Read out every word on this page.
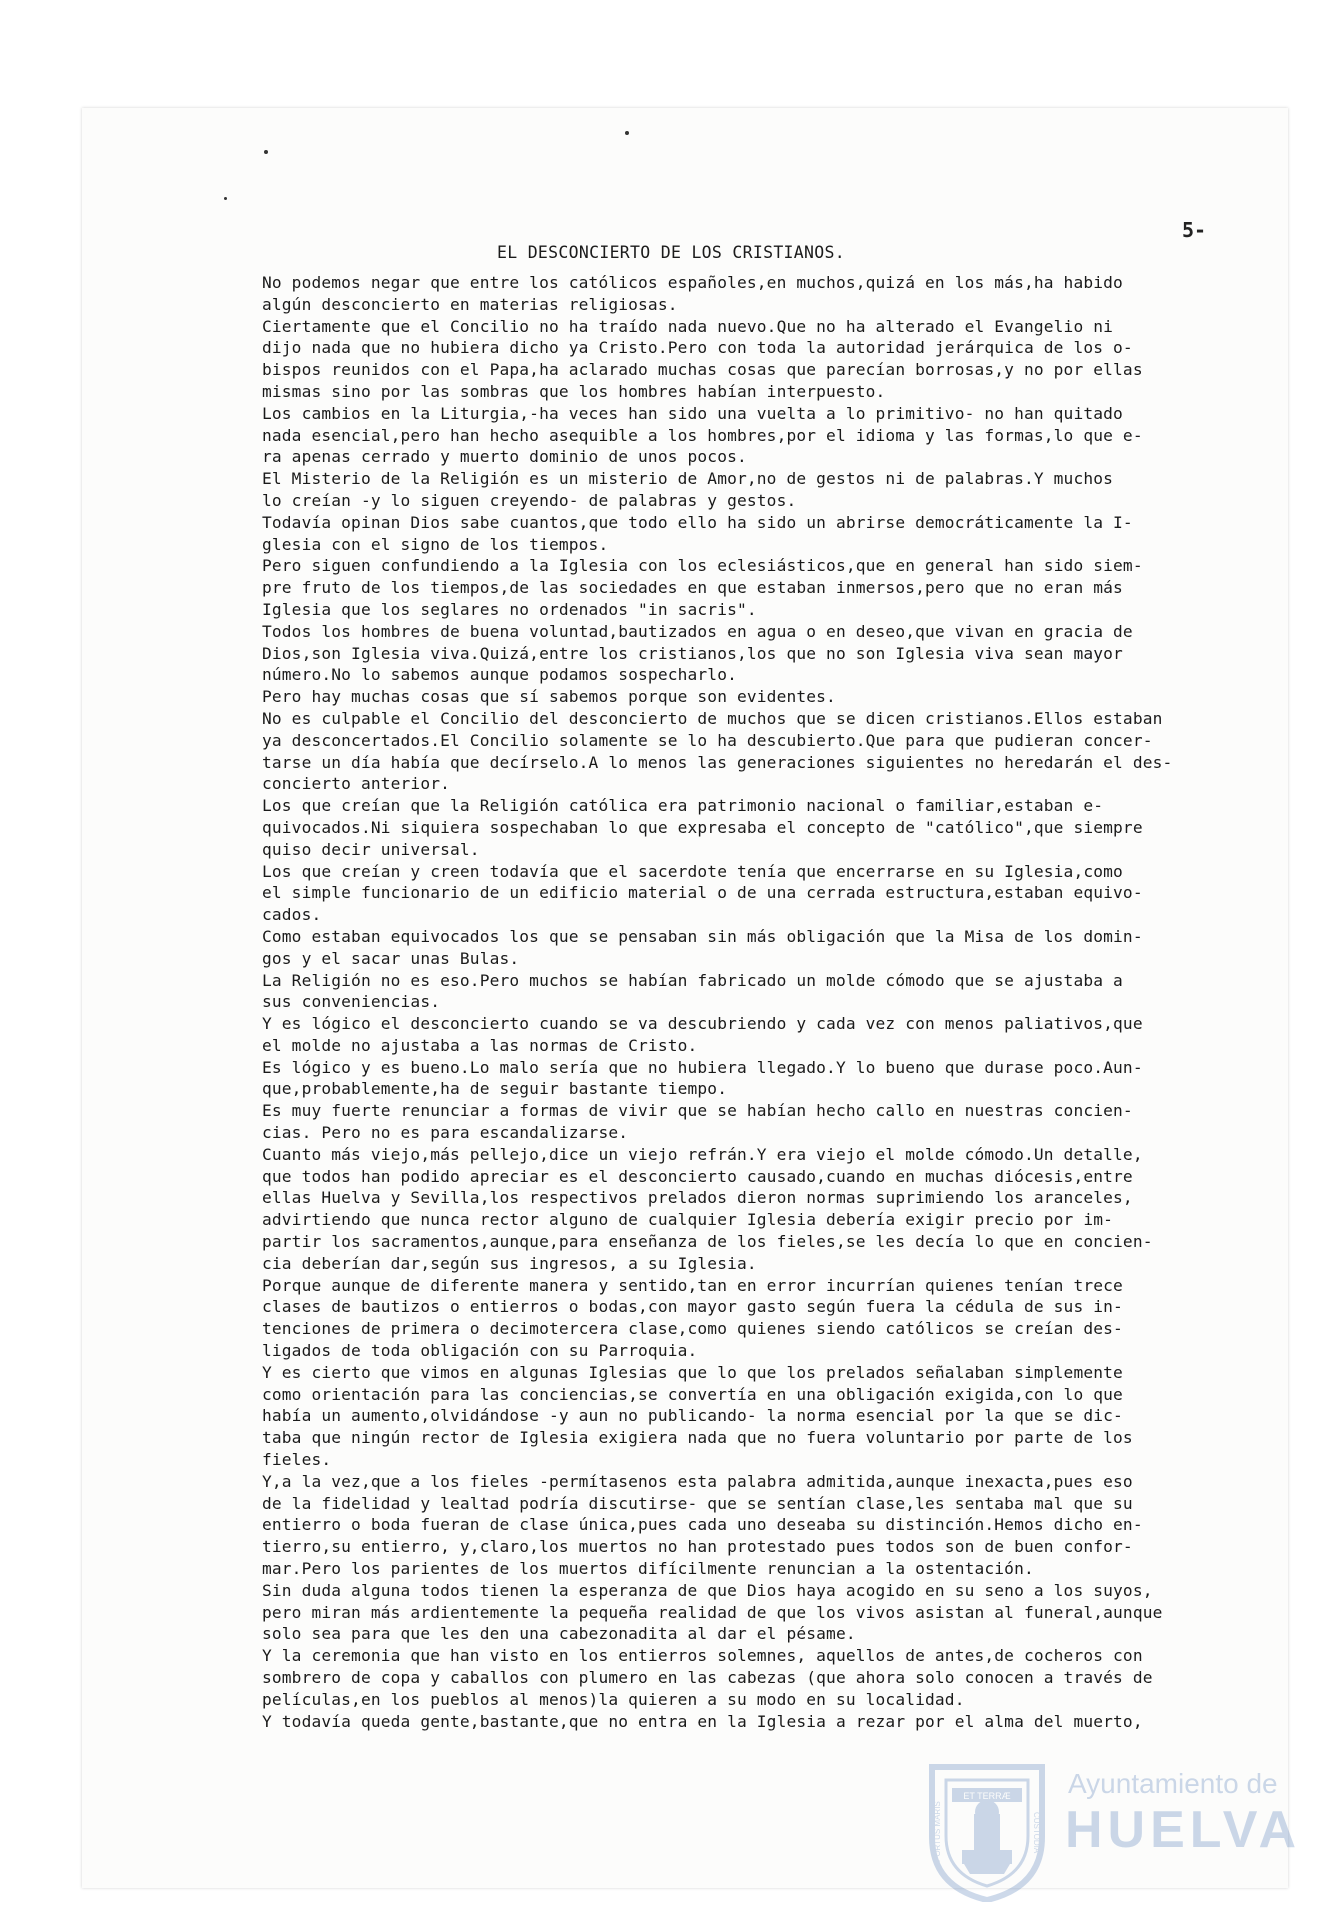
5-
EL DESCONCIERTO DE LOS CRISTIANOS.
No podemos negar que entre los católicos españoles,en muchos,quizá en los más,ha habido
algún desconcierto en materias religiosas.
Ciertamente que el Concilio no ha traído nada nuevo.Que no ha alterado el Evangelio ni
dijo nada que no hubiera dicho ya Cristo.Pero con toda la autoridad jerárquica de los o-
bispos reunidos con el Papa,ha aclarado muchas cosas que parecían borrosas,y no por ellas
mismas sino por las sombras que los hombres habían interpuesto.
Los cambios en la Liturgia,-ha veces han sido una vuelta a lo primitivo- no han quitado
nada esencial,pero han hecho asequible a los hombres,por el idioma y las formas,lo que e-
ra apenas cerrado y muerto dominio de unos pocos.
El Misterio de la Religión es un misterio de Amor,no de gestos ni de palabras.Y muchos
lo creían -y lo siguen creyendo- de palabras y gestos.
Todavía opinan Dios sabe cuantos,que todo ello ha sido un abrirse democráticamente la I-
glesia con el signo de los tiempos.
Pero siguen confundiendo a la Iglesia con los eclesiásticos,que en general han sido siem-
pre fruto de los tiempos,de las sociedades en que estaban inmersos,pero que no eran más
Iglesia que los seglares no ordenados "in sacris".
Todos los hombres de buena voluntad,bautizados en agua o en deseo,que vivan en gracia de
Dios,son Iglesia viva.Quizá,entre los cristianos,los que no son Iglesia viva sean mayor
número.No lo sabemos aunque podamos sospecharlo.
Pero hay muchas cosas que sí sabemos porque son evidentes.
No es culpable el Concilio del desconcierto de muchos que se dicen cristianos.Ellos estaban
ya desconcertados.El Concilio solamente se lo ha descubierto.Que para que pudieran concer-
tarse un día había que decírselo.A lo menos las generaciones siguientes no heredarán el des-
concierto anterior.
Los que creían que la Religión católica era patrimonio nacional o familiar,estaban e-
quivocados.Ni siquiera sospechaban lo que expresaba el concepto de "católico",que siempre
quiso decir universal.
Los que creían y creen todavía que el sacerdote tenía que encerrarse en su Iglesia,como
el simple funcionario de un edificio material o de una cerrada estructura,estaban equivo-
cados.
Como estaban equivocados los que se pensaban sin más obligación que la Misa de los domin-
gos y el sacar unas Bulas.
La Religión no es eso.Pero muchos se habían fabricado un molde cómodo que se ajustaba a
sus conveniencias.
Y es lógico el desconcierto cuando se va descubriendo y cada vez con menos paliativos,que
el molde no ajustaba a las normas de Cristo.
Es lógico y es bueno.Lo malo sería que no hubiera llegado.Y lo bueno que durase poco.Aun-
que,probablemente,ha de seguir bastante tiempo.
Es muy fuerte renunciar a formas de vivir que se habían hecho callo en nuestras concien-
cias. Pero no es para escandalizarse.
Cuanto más viejo,más pellejo,dice un viejo refrán.Y era viejo el molde cómodo.Un detalle,
que todos han podido apreciar es el desconcierto causado,cuando en muchas diócesis,entre
ellas Huelva y Sevilla,los respectivos prelados dieron normas suprimiendo los aranceles,
advirtiendo que nunca rector alguno de cualquier Iglesia debería exigir precio por im-
partir los sacramentos,aunque,para enseñanza de los fieles,se les decía lo que en concien-
cia deberían dar,según sus ingresos, a su Iglesia.
Porque aunque de diferente manera y sentido,tan en error incurrían quienes tenían trece
clases de bautizos o entierros o bodas,con mayor gasto según fuera la cédula de sus in-
tenciones de primera o decimotercera clase,como quienes siendo católicos se creían des-
ligados de toda obligación con su Parroquia.
Y es cierto que vimos en algunas Iglesias que lo que los prelados señalaban simplemente
como orientación para las conciencias,se convertía en una obligación exigida,con lo que
había un aumento,olvidándose -y aun no publicando- la norma esencial por la que se dic-
taba que ningún rector de Iglesia exigiera nada que no fuera voluntario por parte de los
fieles.
Y,a la vez,que a los fieles -permítasenos esta palabra admitida,aunque inexacta,pues eso
de la fidelidad y lealtad podría discutirse- que se sentían clase,les sentaba mal que su
entierro o boda fueran de clase única,pues cada uno deseaba su distinción.Hemos dicho en-
tierro,su entierro, y,claro,los muertos no han protestado pues todos son de buen confor-
mar.Pero los parientes de los muertos difícilmente renuncian a la ostentación.
Sin duda alguna todos tienen la esperanza de que Dios haya acogido en su seno a los suyos,
pero miran más ardientemente la pequeña realidad de que los vivos asistan al funeral,aunque
solo sea para que les den una cabezonadita al dar el pésame.
Y la ceremonia que han visto en los entierros solemnes, aquellos de antes,de cocheros con
sombrero de copa y caballos con plumero en las cabezas (que ahora solo conocen a través de
películas,en los pueblos al menos)la quieren a su modo en su localidad.
Y todavía queda gente,bastante,que no entra en la Iglesia a rezar por el alma del muerto,
ET TERRÆ
PORTUS MARIS	CUSTODIA
Ayuntamiento de
HUELVA
